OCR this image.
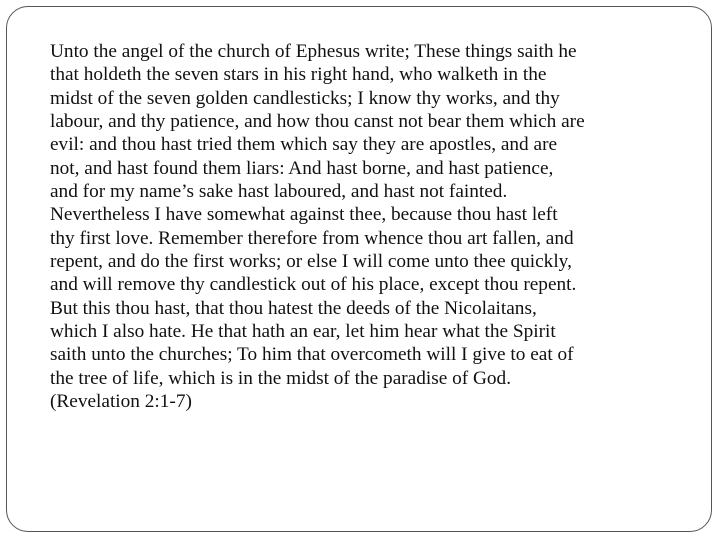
Unto the angel of the church of Ephesus write; These things saith he
that holdeth the seven stars in his right hand, who walketh in the
midst of the seven golden candlesticks; I know thy works, and thy
labour, and thy patience, and how thou canst not bear them which are
evil: and thou hast tried them which say they are apostles, and are
not, and hast found them liars: And hast borne, and hast patience,
and for my name’s sake hast laboured, and hast not fainted.
Nevertheless I have somewhat against thee, because thou hast left
thy first love. Remember therefore from whence thou art fallen, and
repent, and do the first works; or else I will come unto thee quickly,
and will remove thy candlestick out of his place, except thou repent.
But this thou hast, that thou hatest the deeds of the Nicolaitans,
which I also hate. He that hath an ear, let him hear what the Spirit
saith unto the churches; To him that overcometh will I give to eat of
the tree of life, which is in the midst of the paradise of God.
(Revelation 2:1-7)
